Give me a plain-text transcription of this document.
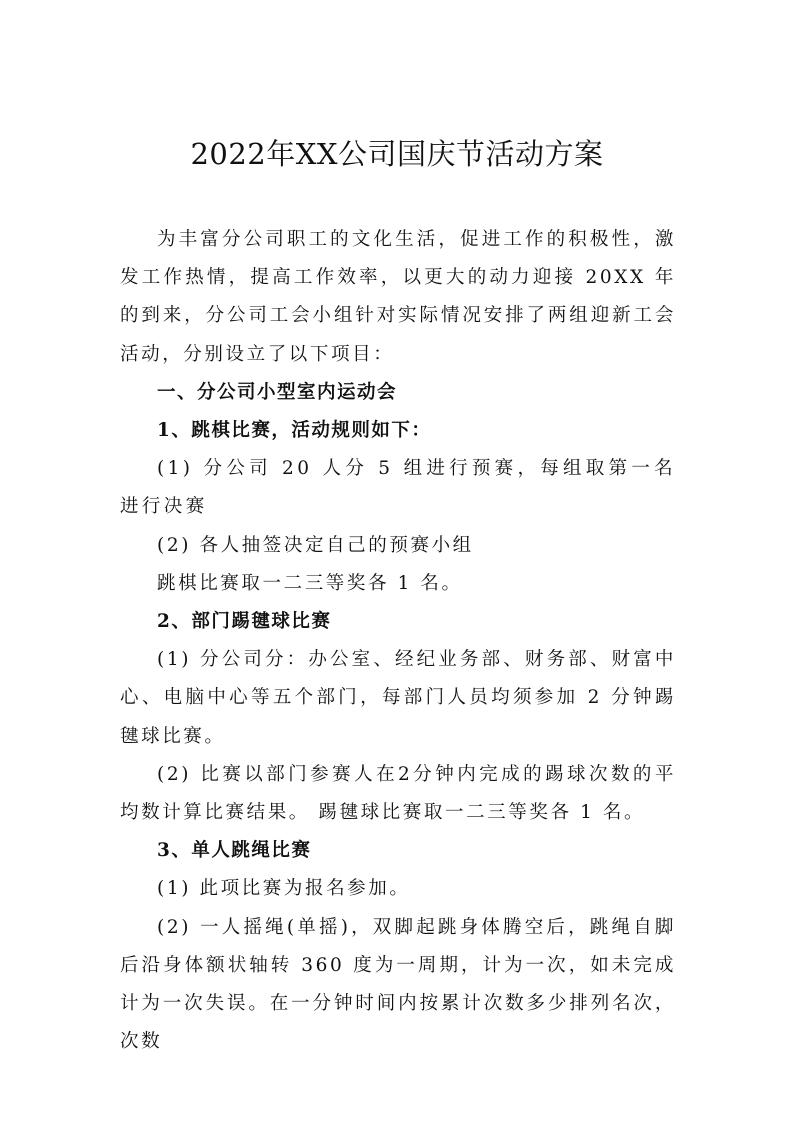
2022年XX公司国庆节活动方案

为丰富分公司职工的文化生活，促进工作的积极性，激发工作热情，提高工作效率，以更大的动力迎接 20XX 年的到来，分公司工会小组针对实际情况安排了两组迎新工会活动，分别设立了以下项目：

一、分公司小型室内运动会

1、跳棋比赛，活动规则如下：

(1) 分公司 20 人分 5 组进行预赛，每组取第一名进行决赛

(2) 各人抽签决定自己的预赛小组

跳棋比赛取一二三等奖各 1 名。

2、部门踢毽球比赛

(1) 分公司分：办公室、经纪业务部、财务部、财富中心、电脑中心等五个部门，每部门人员均须参加 2 分钟踢毽球比赛。

(2) 比赛以部门参赛人在2分钟内完成的踢球次数的平均数计算比赛结果。 踢毽球比赛取一二三等奖各 1 名。

3、单人跳绳比赛

(1) 此项比赛为报名参加。

(2) 一人摇绳(单摇)，双脚起跳身体腾空后，跳绳自脚后沿身体额状轴转 360 度为一周期，计为一次，如未完成计为一次失误。在一分钟时间内按累计次数多少排列名次，次数
